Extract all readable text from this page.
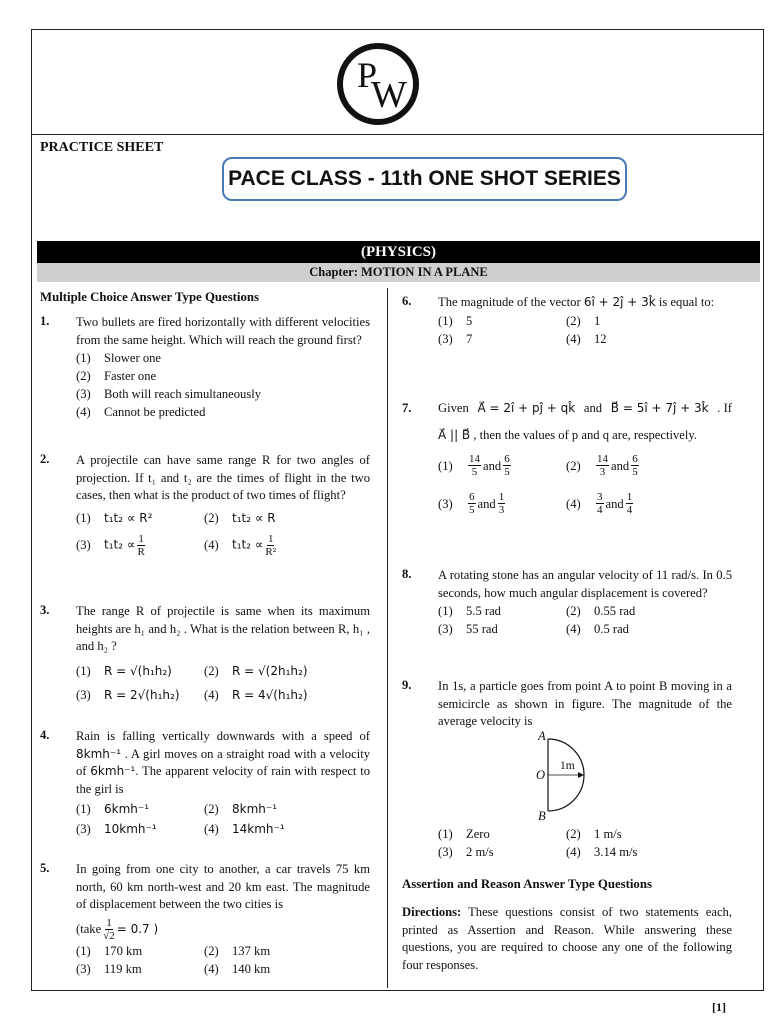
P
W
PRACTICE SHEET
PACE CLASS - 11th ONE SHOT SERIES
(PHYSICS)
Chapter: MOTION IN A PLANE
Multiple Choice Answer Type Questions
1.	Two bullets are fired horizontally with different velocities from the same height. Which will reach the ground first?
(1)	Slower one
(2)	Faster one
(3)	Both will reach simultaneously
(4)	Cannot be predicted
2.	A projectile can have same range R for two angles of projection. If t₁ and t₂ are the times of flight in the two cases, then what is the product of two times of flight?
(1)	t₁t₂ ∝ R²	(2)	t₁t₂ ∝ R
(3)	$t_1t_2 \propto \frac{1}{R}$	(4)	$t_1t_2 \propto \frac{1}{\text{R²}}$
3.	The range R of projectile is same when its maximum heights are h₁ and h₂ . What is the relation between R, h₁ , and h₂ ?
(1)	R = √(h₁h₂)	(2)	R = √(2h₁h₂)
(3)	R = 2√(h₁h₂)	(4)	R = 4√(h₁h₂)
4.	Rain is falling vertically downwards with a speed of 8kmh⁻¹ . A girl moves on a straight road with a velocity of 6kmh⁻¹. The apparent velocity of rain with respect to the girl is
(1)	6kmh⁻¹	(2)	8kmh⁻¹
(3)	10kmh⁻¹	(4)	14kmh⁻¹
5.	In going from one city to another, a car travels 75 km north, 60 km north-west and 20 km east. The magnitude of displacement between the two cities is
(take $\frac{1}{√2} = 0.7$ )
(1)	170 km	(2)	137 km
(3)	119 km	(4)	140 km
6.	The magnitude of the vector 6î + 2ĵ + 3k̂ is equal to:
(1)	5	(2)	1
(3)	7	(4)	12
7.	Given A⃗ = 2î + pĵ + qk̂ and B⃗ = 5î + 7ĵ + 3k̂ . If
A⃗ || B⃗ , then the values of p and q are, respectively.
(1)	$\frac{14}{5}$ and $\frac{6}{5}$	(2)	$\frac{14}{3}$ and $\frac{6}{5}$
(3)	$\frac{6}{5}$ and $\frac{1}{3}$	(4)	$\frac{3}{4}$ and $\frac{1}{4}$
8.	A rotating stone has an angular velocity of 11 rad/s. In 0.5 seconds, how much angular displacement is covered?
(1)	5.5 rad	(2)	0.55 rad
(3)	55 rad	(4)	0.5 rad
9.	In 1s, a particle goes from point A to point B moving in a semicircle as shown in figure. The magnitude of the average velocity is
A
O
B
1m
(1)	Zero	(2)	1 m/s
(3)	2 m/s	(4)	3.14 m/s
Assertion and Reason Answer Type Questions
Directions: These questions consist of two statements each, printed as Assertion and Reason. While answering these questions, you are required to choose any one of the following four responses.
[1]
